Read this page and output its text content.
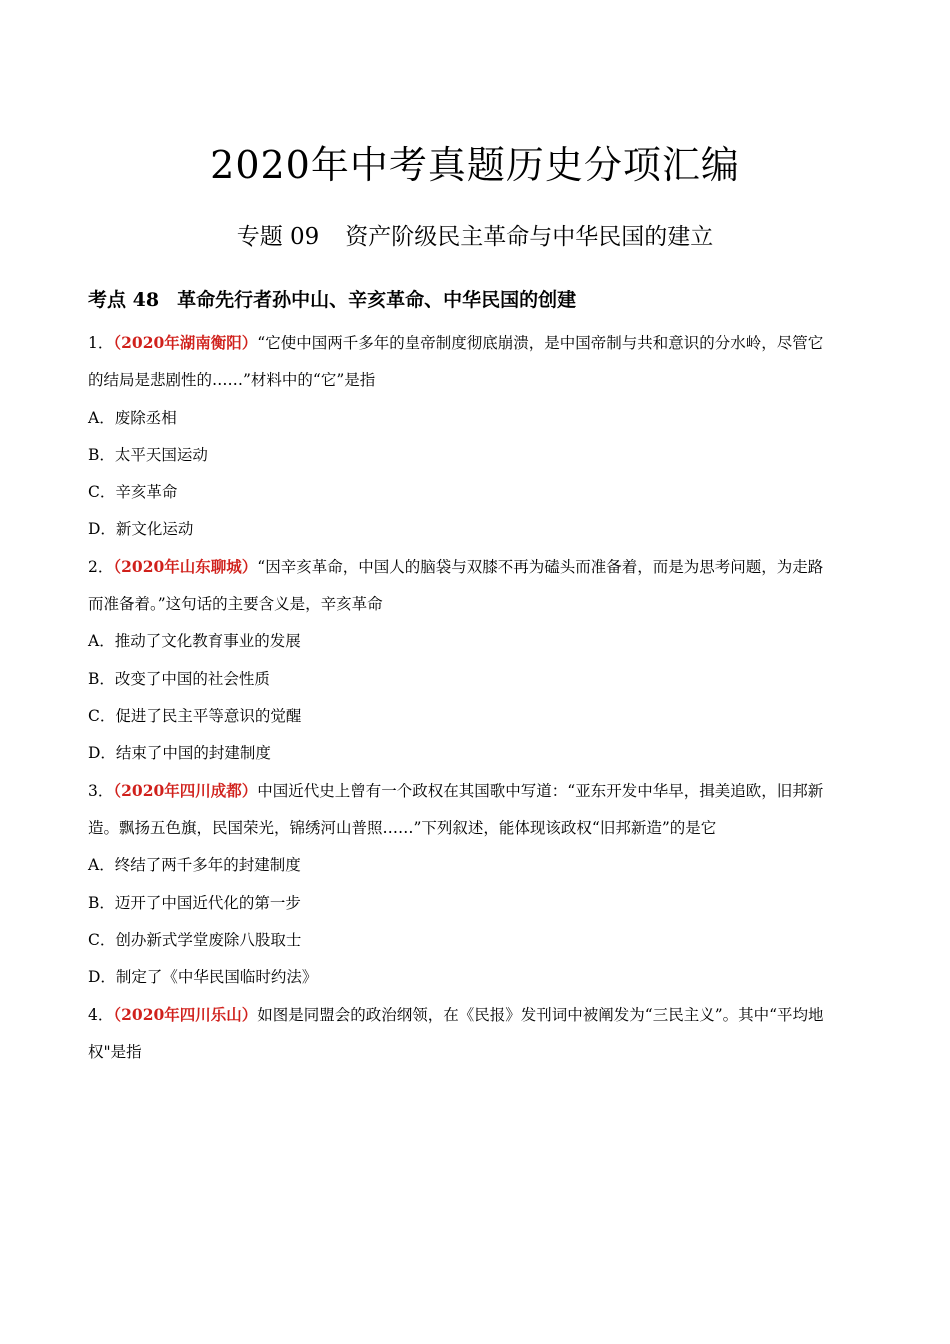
2020年中考真题历史分项汇编
专题 09 资产阶级民主革命与中华民国的建立
考点 48 革命先行者孙中山、辛亥革命、中华民国的创建
1．（2020年湖南衡阳）“它使中国两千多年的皇帝制度彻底崩溃，是中国帝制与共和意识的分水岭，尽管它
的结局是悲剧性的……”材料中的“它”是指
A．废除丞相
B．太平天国运动
C．辛亥革命
D．新文化运动
2．（2020年山东聊城）“因辛亥革命，中国人的脑袋与双膝不再为磕头而准备着，而是为思考问题，为走路
而准备着。”这句话的主要含义是，辛亥革命
A．推动了文化教育事业的发展
B．改变了中国的社会性质
C．促进了民主平等意识的觉醒
D．结束了中国的封建制度
3．（2020年四川成都）中国近代史上曾有一个政权在其国歌中写道：“亚东开发中华早，揖美追欧，旧邦新
造。飘扬五色旗，民国荣光，锦绣河山普照……”下列叙述，能体现该政权“旧邦新造”的是它
A．终结了两千多年的封建制度
B．迈开了中国近代化的第一步
C．创办新式学堂废除八股取士
D．制定了《中华民国临时约法》
4．（2020年四川乐山）如图是同盟会的政治纲领，在《民报》发刊词中被阐发为“三民主义”。其中“平均地
权"是指
